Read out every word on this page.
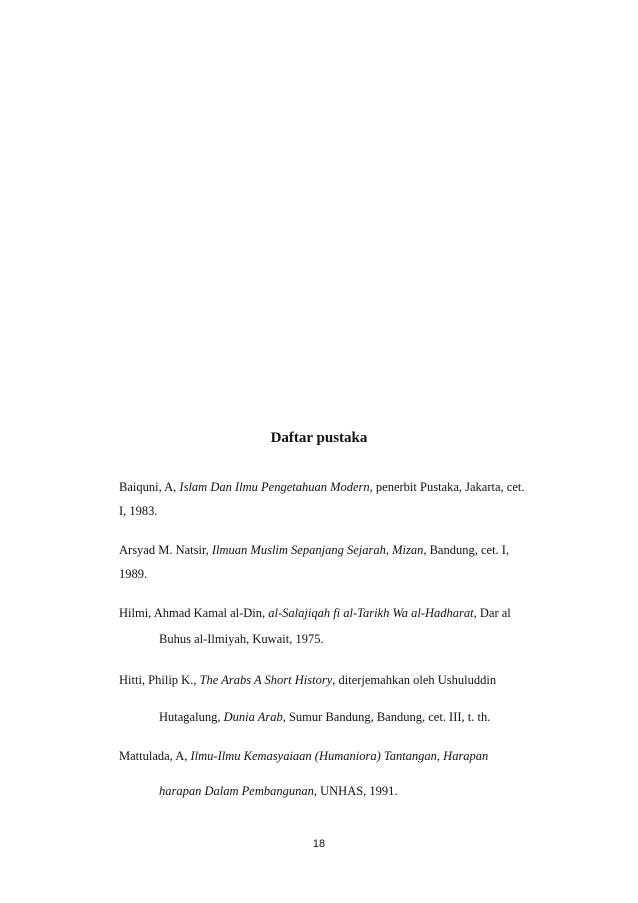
Daftar pustaka

Baiquni, A, Islam Dan Ilmu Pengetahuan Modern, penerbit Pustaka, Jakarta, cet.

I, 1983.

Arsyad M. Natsir, Ilmuan Muslim Sepanjang Sejarah, Mizan, Bandung, cet. I,

1989.

Hilmi, Ahmad Kamal al-Din, al-Salajiqah fi al-Tarikh Wa al-Hadharat, Dar al

Buhus al-Ilmiyah, Kuwait, 1975.

Hitti, Philip K., The Arabs A Short History, diterjemahkan oleh Ushuluddin

Hutagalung, Dunia Arab, Sumur Bandung, Bandung, cet. III, t. th.

Mattulada, A, Ilmu-Ilmu Kemasyaiaan (Humaniora) Tantangan, Harapan

harapan Dalam Pembangunan, UNHAS, 1991.

18
